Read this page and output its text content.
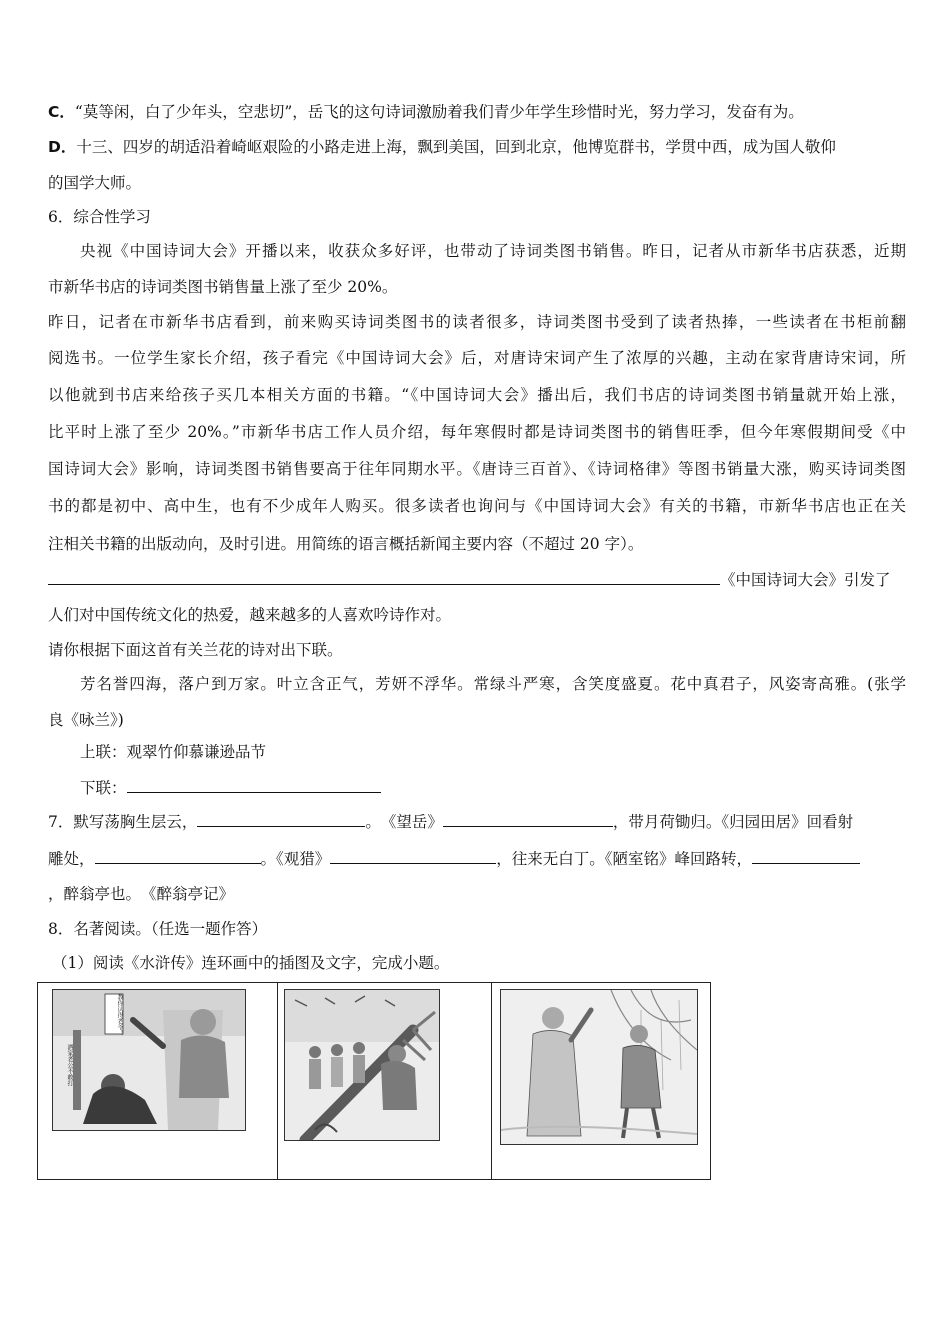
C．“莫等闲，白了少年头，空悲切”，岳飞的这句诗词激励着我们青少年学生珍惜时光，努力学习，发奋有为。
D．十三、四岁的胡适沿着崎岖艰险的小路走进上海，飘到美国，回到北京，他博览群书，学贯中西，成为国人敬仰
的国学大师。
6．综合性学习
央视《中国诗词大会》开播以来，收获众多好评，也带动了诗词类图书销售。昨日，记者从市新华书店获悉，近期
市新华书店的诗词类图书销售量上涨了至少 20%。
昨日，记者在市新华书店看到，前来购买诗词类图书的读者很多，诗词类图书受到了读者热捧，一些读者在书柜前翻
阅选书。一位学生家长介绍，孩子看完《中国诗词大会》后，对唐诗宋词产生了浓厚的兴趣，主动在家背唐诗宋词，所
以他就到书店来给孩子买几本相关方面的书籍。“《中国诗词大会》播出后，我们书店的诗词类图书销量就开始上涨，
比平时上涨了至少 20%。”市新华书店工作人员介绍，每年寒假时都是诗词类图书的销售旺季，但今年寒假期间受《中
国诗词大会》影响，诗词类图书销售要高于往年同期水平。《唐诗三百首》、《诗词格律》等图书销量大涨，购买诗词类图
书的都是初中、高中生，也有不少成年人购买。很多读者也询问与《中国诗词大会》有关的书籍，市新华书店也正在关
注相关书籍的出版动向，及时引进。用简练的语言概括新闻主要内容（不超过 20 字）。
《中国诗词大会》引发了
人们对中国传统文化的热爱，越来越多的人喜欢吟诗作对。
请你根据下面这首有关兰花的诗对出下联。
芳名誉四海，落户到万家。叶立含正气，芳妍不浮华。常绿斗严寒，含笑度盛夏。花中真君子，风姿寄高雅。(张学
良《咏兰》)
上联：观翠竹仰慕谦逊品节
下联：
7．默写荡胸生层云，	。　《望岳》	，带月荷锄归。《归园田居》回看射
雕处，	。《观猎》	，往来无白丁。《陋室铭》峰回路转，
，醉翁亭也。　《醉翁亭记》
8．名著阅读。（任选一题作答）
（1）阅读《水浒传》连环画中的插图及文字，完成小题。
教你认得老爷！
洒家老公不敢打
